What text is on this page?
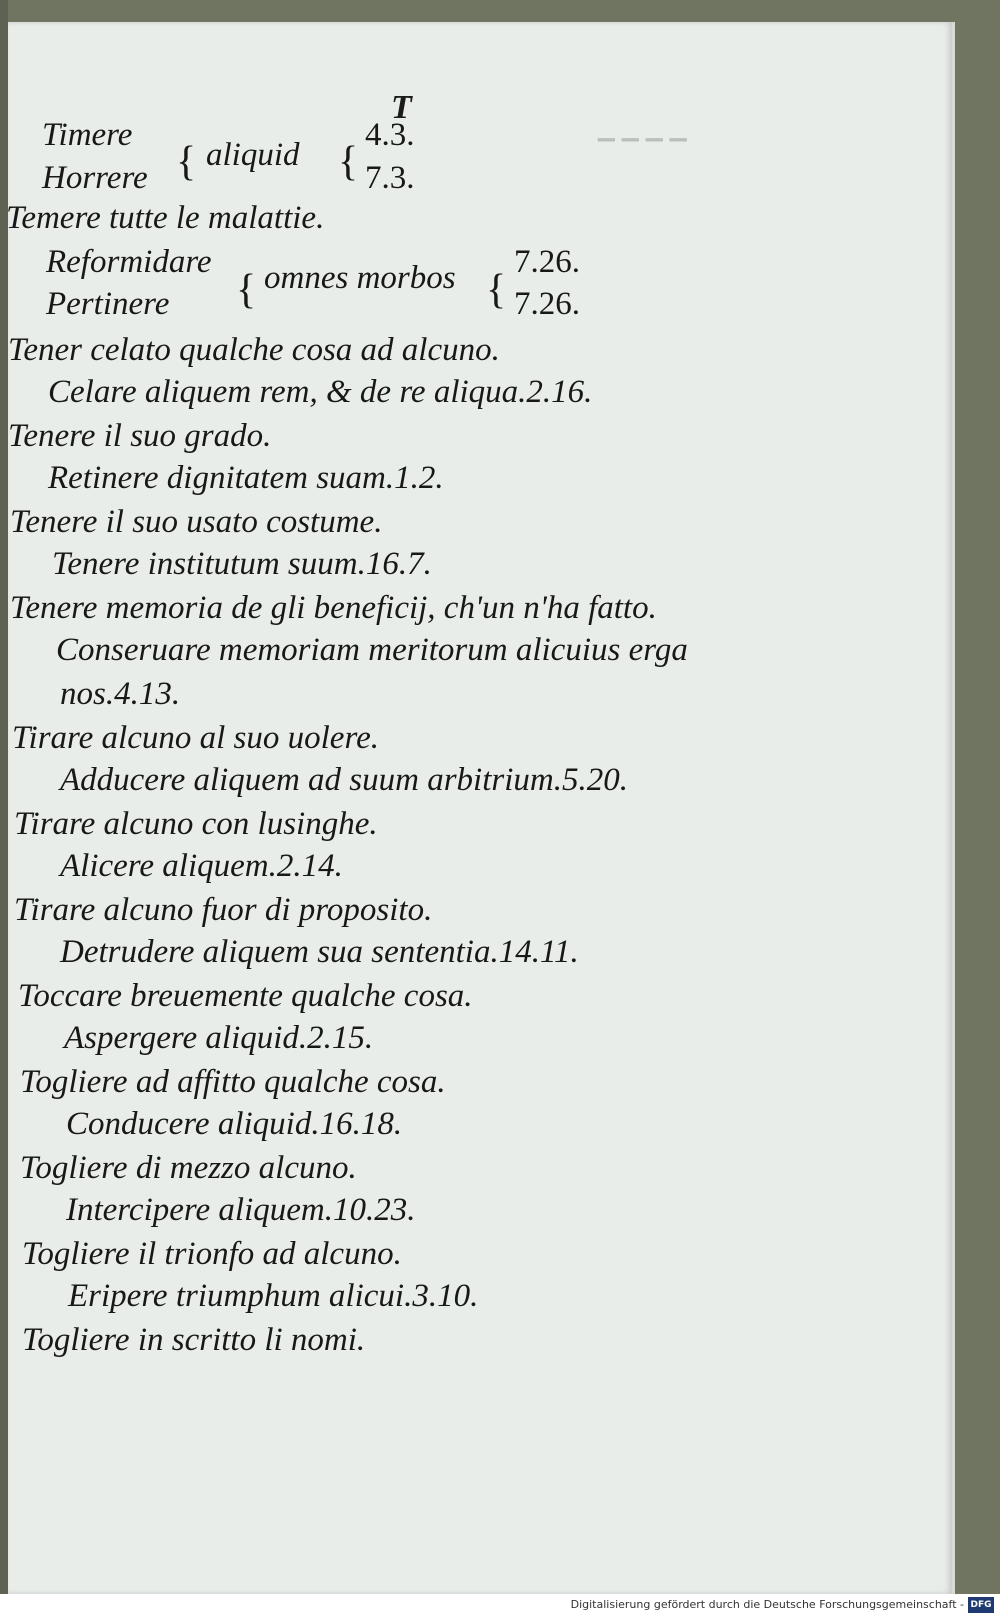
▁ ▁ ▁ ▁
T
Timere
Horrere { aliquid {
4.3.
7.3.
Temere tutte le malattie.
Reformidare
Pertinere { omnes morbos {
7.26.
7.26.
Tener celato qualche cosa ad alcuno.
Celare aliquem rem, & de re aliqua.2.16.
Tenere il suo grado.
Retinere dignitatem suam.1.2.
Tenere il suo usato costume.
Tenere institutum suum.16.7.
Tenere memoria de gli beneficij, ch'un n'ha fatto.
Conseruare memoriam meritorum alicuius erga
nos.4.13.
Tirare alcuno al suo uolere.
Adducere aliquem ad suum arbitrium.5.20.
Tirare alcuno con lusinghe.
Alicere aliquem.2.14.
Tirare alcuno fuor di proposito.
Detrudere aliquem sua sententia.14.11.
Toccare breuemente qualche cosa.
Aspergere aliquid.2.15.
Togliere ad affitto qualche cosa.
Conducere aliquid.16.18.
Togliere di mezzo alcuno.
Intercipere aliquem.10.23.
Togliere il trionfo ad alcuno.
Eripere triumphum alicui.3.10.
Togliere in scritto li nomi.
Digitalisierung gefördert durch die Deutsche Forschungsgemeinschaft - DFG
